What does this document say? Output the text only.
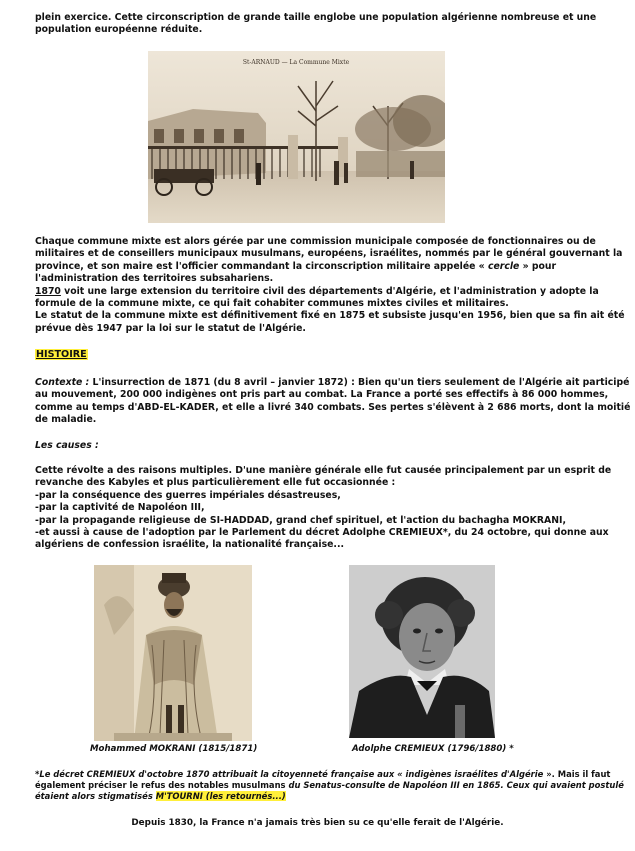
plein exercice. Cette circonscription de grande taille englobe une population algérienne nombreuse et une
population européenne réduite.
St-ARNAUD — La Commune Mixte
Chaque commune mixte est alors gérée par une commission municipale composée de fonctionnaires ou de
militaires et de conseillers municipaux musulmans, européens, israélites, nommés par le général gouvernant la
province, et son maire est l'officier commandant la circonscription militaire appelée « cercle » pour
l'administration des territoires subsahariens.
1870 voit une large extension du territoire civil des départements d'Algérie, et l'administration y adopte la
formule de la commune mixte, ce qui fait cohabiter communes mixtes civiles et militaires.
Le statut de la commune mixte est définitivement fixé en 1875 et subsiste jusqu'en 1956, bien que sa fin ait été
prévue dès 1947 par la loi sur le statut de l'Algérie.
HISTOIRE
Contexte : L'insurrection de 1871 (du 8 avril – janvier 1872) : Bien qu'un tiers seulement de l'Algérie ait participé
au mouvement, 200 000 indigènes ont pris part au combat. La France a porté ses effectifs à 86 000 hommes,
comme au temps d'ABD-EL-KADER, et elle a livré 340 combats. Ses pertes s'élèvent à 2 686 morts, dont la moitié
de maladie.
Les causes :
Cette révolte a des raisons multiples. D'une manière générale elle fut causée principalement par un esprit de
revanche des Kabyles et plus particulièrement elle fut occasionnée :
-par la conséquence des guerres impériales désastreuses,
-par la captivité de Napoléon III,
-par la propagande religieuse de SI-HADDAD, grand chef spirituel, et l'action du bachagha MOKRANI,
-et aussi à cause de l'adoption par le Parlement du décret Adolphe CREMIEUX*, du 24 octobre, qui donne aux
algériens de confession israélite, la nationalité française...
Mohammed MOKRANI (1815/1871)	Adolphe CREMIEUX (1796/1880) *
*Le décret CREMIEUX d'octobre 1870 attribuait la citoyenneté française aux « indigènes israélites d'Algérie ». Mais il faut
également préciser le refus des notables musulmans du Senatus-consulte de Napoléon III en 1865. Ceux qui avaient postulé
étaient alors stigmatisés M'TOURNI (les retournés...)
Depuis 1830, la France n'a jamais très bien su ce qu'elle ferait de l'Algérie.
